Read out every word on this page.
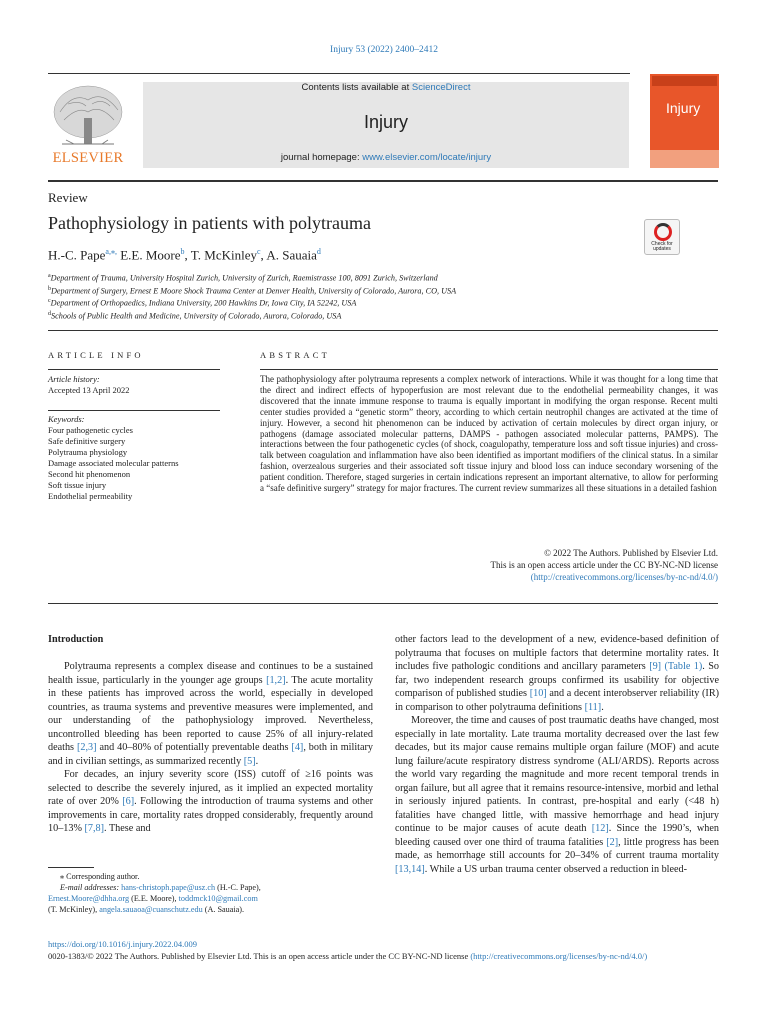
Injury 53 (2022) 2400–2412
ELSEVIER
Contents lists available at ScienceDirect
Injury
journal homepage: www.elsevier.com/locate/injury
Injury
Review
Pathophysiology in patients with polytrauma
Check for updates
H.-C. Pape$^{a,⁎,}$ E.E. Moore$^b$, T. McKinley$^c$, A. Sauaia$^d$
$^a$Department of Trauma, University Hospital Zurich, University of Zurich, Raemistrasse 100, 8091 Zurich, Switzerland
$^b$Department of Surgery, Ernest E Moore Shock Trauma Center at Denver Health, University of Colorado, Aurora, CO, USA
$^c$Department of Orthopaedics, Indiana University, 200 Hawkins Dr, Iowa City, IA 52242, USA
$^d$Schools of Public Health and Medicine, University of Colorado, Aurora, Colorado, USA
ARTICLE INFO	ABSTRACT
Article history:
Accepted 13 April 2022
Keywords:
Four pathogenetic cycles
Safe definitive surgery
Polytrauma physiology
Damage associated molecular patterns
Second hit phenomenon
Soft tissue injury
Endothelial permeability
The pathophysiology after polytrauma represents a complex network of interactions. While it was thought for a long time that the direct and indirect effects of hypoperfusion are most relevant due to the endothelial permeability changes, it was discovered that the innate immune response to trauma is equally important in modifying the organ response. Recent multi center studies provided a “genetic storm” theory, according to which certain neutrophil changes are activated at the time of injury. However, a second hit phenomenon can be induced by activation of certain molecules by direct organ injury, or pathogens (damage associated molecular patterns, DAMPS - pathogen associated molecular patterns, PAMPS). The interactions between the four pathogenetic cycles (of shock, coagulopathy, temperature loss and soft tissue injuries) and cross-talk between coagulation and inflammation have also been identified as important modifiers of the clinical status. In a similar fashion, overzealous surgeries and their associated soft tissue injury and blood loss can induce secondary worsening of the patient condition. Therefore, staged surgeries in certain indications represent an important alternative, to allow for performing a “safe definitive surgery” strategy for major fractures. The current review summarizes all these situations in a detailed fashion
© 2022 The Authors. Published by Elsevier Ltd.
This is an open access article under the CC BY-NC-ND license
(http://creativecommons.org/licenses/by-nc-nd/4.0/)
Introduction

Polytrauma represents a complex disease and continues to be a sustained health issue, particularly in the younger age groups [1,2]. The acute mortality in these patients has improved across the world, especially in developed countries, as trauma systems and preventive measures were implemented, and our understanding of the pathophysiology improved. Nevertheless, uncontrolled bleeding has been reported to cause 25% of all injury-related deaths [2,3] and 40–80% of potentially preventable deaths [4], both in military and in civilian settings, as summarized recently [5].

For decades, an injury severity score (ISS) cutoff of ≥16 points was selected to describe the severely injured, as it implied an expected mortality rate of over 20% [6]. Following the introduction of trauma systems and other improvements in care, mortality rates dropped considerably, frequently around 10–13% [7,8]. These and

other factors lead to the development of a new, evidence-based definition of polytrauma that focuses on multiple factors that determine mortality rates. It includes five pathologic conditions and ancillary parameters [9] (Table 1). So far, two independent research groups confirmed its usability for objective comparison of published studies [10] and a decent interobserver reliability (IR) in comparison to other polytrauma definitions [11].

Moreover, the time and causes of post traumatic deaths have changed, most especially in late mortality. Late trauma mortality decreased over the last few decades, but its major cause remains multiple organ failure (MOF) and acute lung failure/acute respiratory distress syndrome (ALI/ARDS). Reports across the world vary regarding the magnitude and more recent temporal trends in organ failure, but all agree that it remains resource-intensive, morbid and lethal in seriously injured patients. In contrast, pre-hospital and early (<48 h) fatalities have changed little, with massive hemorrhage and head injury continue to be major causes of acute death [12]. Since the 1990’s, when bleeding caused over one third of trauma fatalities [2], little progress has been made, as hemorrhage still accounts for 20–34% of current trauma mortality [13,14]. While a US urban trauma center observed a reduction in bleed-

⁎ Corresponding author.
E-mail addresses: hans-christoph.pape@usz.ch (H.-C. Pape),
Ernest.Moore@dhha.org (E.E. Moore), toddmck10@gmail.com
(T. McKinley), angela.sauaoa@cuanschutz.edu (A. Sauaia).
https://doi.org/10.1016/j.injury.2022.04.009
0020-1383/© 2022 The Authors. Published by Elsevier Ltd. This is an open access article under the CC BY-NC-ND license (http://creativecommons.org/licenses/by-nc-nd/4.0/)
